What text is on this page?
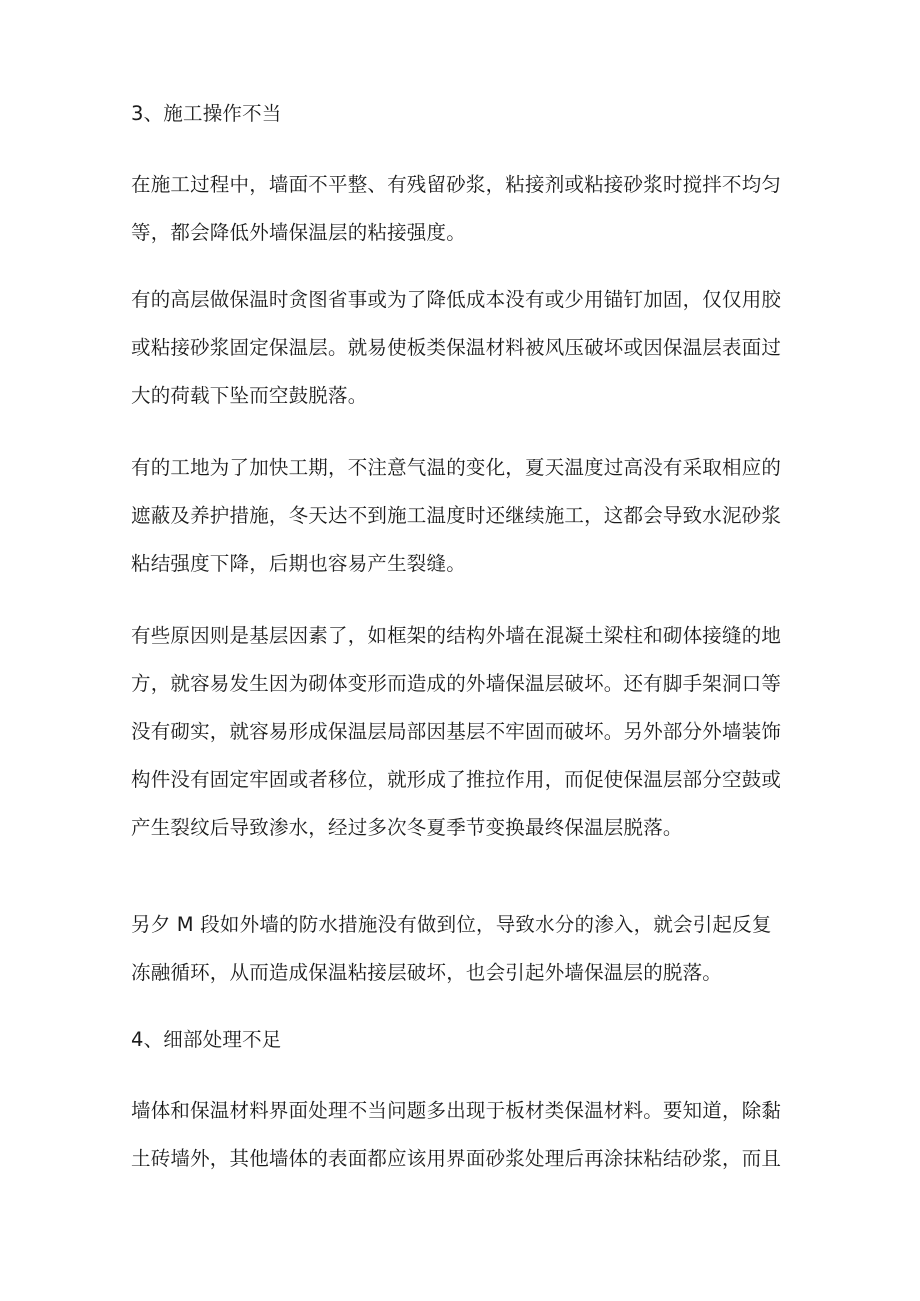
3、施工操作不当

在施工过程中，墙面不平整、有残留砂浆，粘接剂或粘接砂浆时搅拌不均匀
等，都会降低外墙保温层的粘接强度。

有的高层做保温时贪图省事或为了降低成本没有或少用锚钉加固，仅仅用胶
或粘接砂浆固定保温层。就易使板类保温材料被风压破坏或因保温层表面过
大的荷载下坠而空鼓脱落。

有的工地为了加快工期，不注意气温的变化，夏天温度过高没有采取相应的
遮蔽及养护措施，冬天达不到施工温度时还继续施工，这都会导致水泥砂浆
粘结强度下降，后期也容易产生裂缝。

有些原因则是基层因素了，如框架的结构外墙在混凝土梁柱和砌体接缝的地
方，就容易发生因为砌体变形而造成的外墙保温层破坏。还有脚手架洞口等
没有砌实，就容易形成保温层局部因基层不牢固而破坏。另外部分外墙装饰
构件没有固定牢固或者移位，就形成了推拉作用，而促使保温层部分空鼓或
产生裂纹后导致渗水，经过多次冬夏季节变换最终保温层脱落。

另夕 M 段如外墙的防水措施没有做到位，导致水分的渗入，就会引起反复
冻融循环，从而造成保温粘接层破坏，也会引起外墙保温层的脱落。

4、细部处理不足

墙体和保温材料界面处理不当问题多出现于板材类保温材料。要知道，除黏
土砖墙外，其他墙体的表面都应该用界面砂浆处理后再涂抹粘结砂浆，而且
